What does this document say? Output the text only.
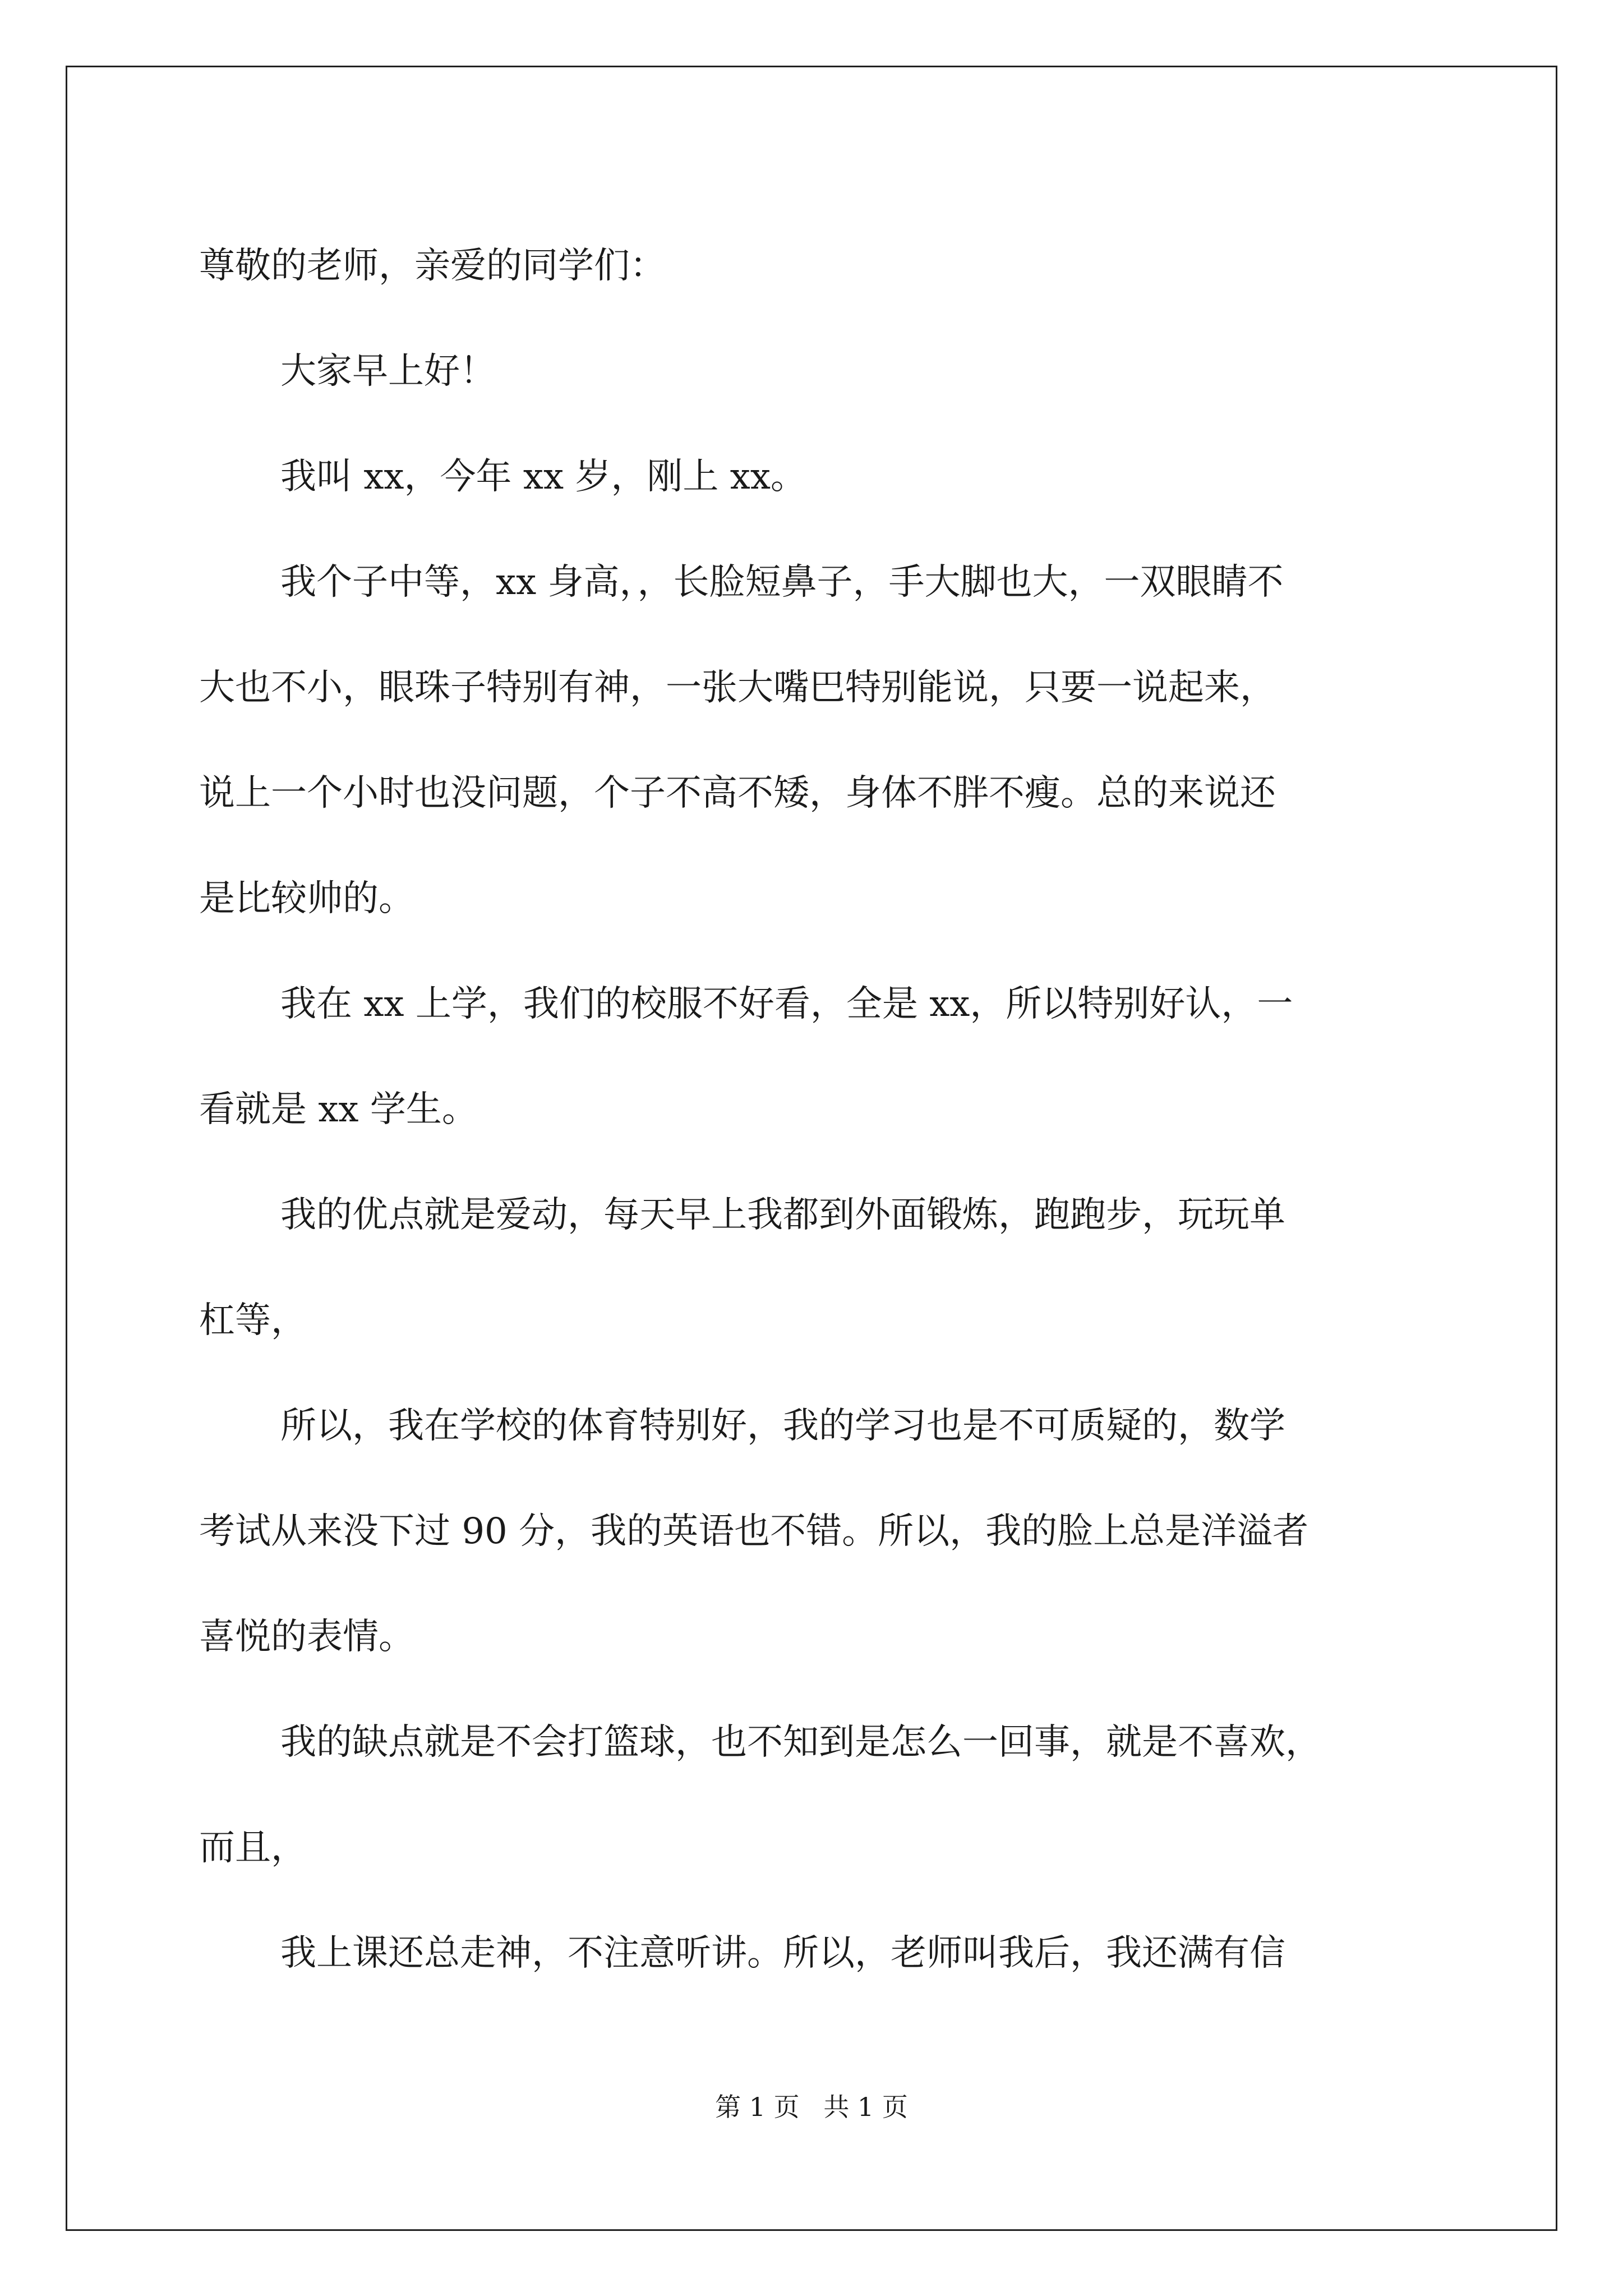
尊敬的老师，亲爱的同学们：
大家早上好！
我叫 xx，今年 xx 岁，刚上 xx。
我个子中等，xx 身高，，长脸短鼻子，手大脚也大，一双眼睛不
大也不小，眼珠子特别有神，一张大嘴巴特别能说，只要一说起来，
说上一个小时也没问题，个子不高不矮，身体不胖不瘦。总的来说还
是比较帅的。
我在 xx 上学，我们的校服不好看，全是 xx，所以特别好认，一
看就是 xx 学生。
我的优点就是爱动，每天早上我都到外面锻炼，跑跑步，玩玩单
杠等，
所以，我在学校的体育特别好，我的学习也是不可质疑的，数学
考试从来没下过 90 分，我的英语也不错。所以，我的脸上总是洋溢者
喜悦的表情。
我的缺点就是不会打篮球，也不知到是怎么一回事，就是不喜欢，
而且，
我上课还总走神，不注意听讲。所以，老师叫我后，我还满有信
第 1 页 共 1 页
